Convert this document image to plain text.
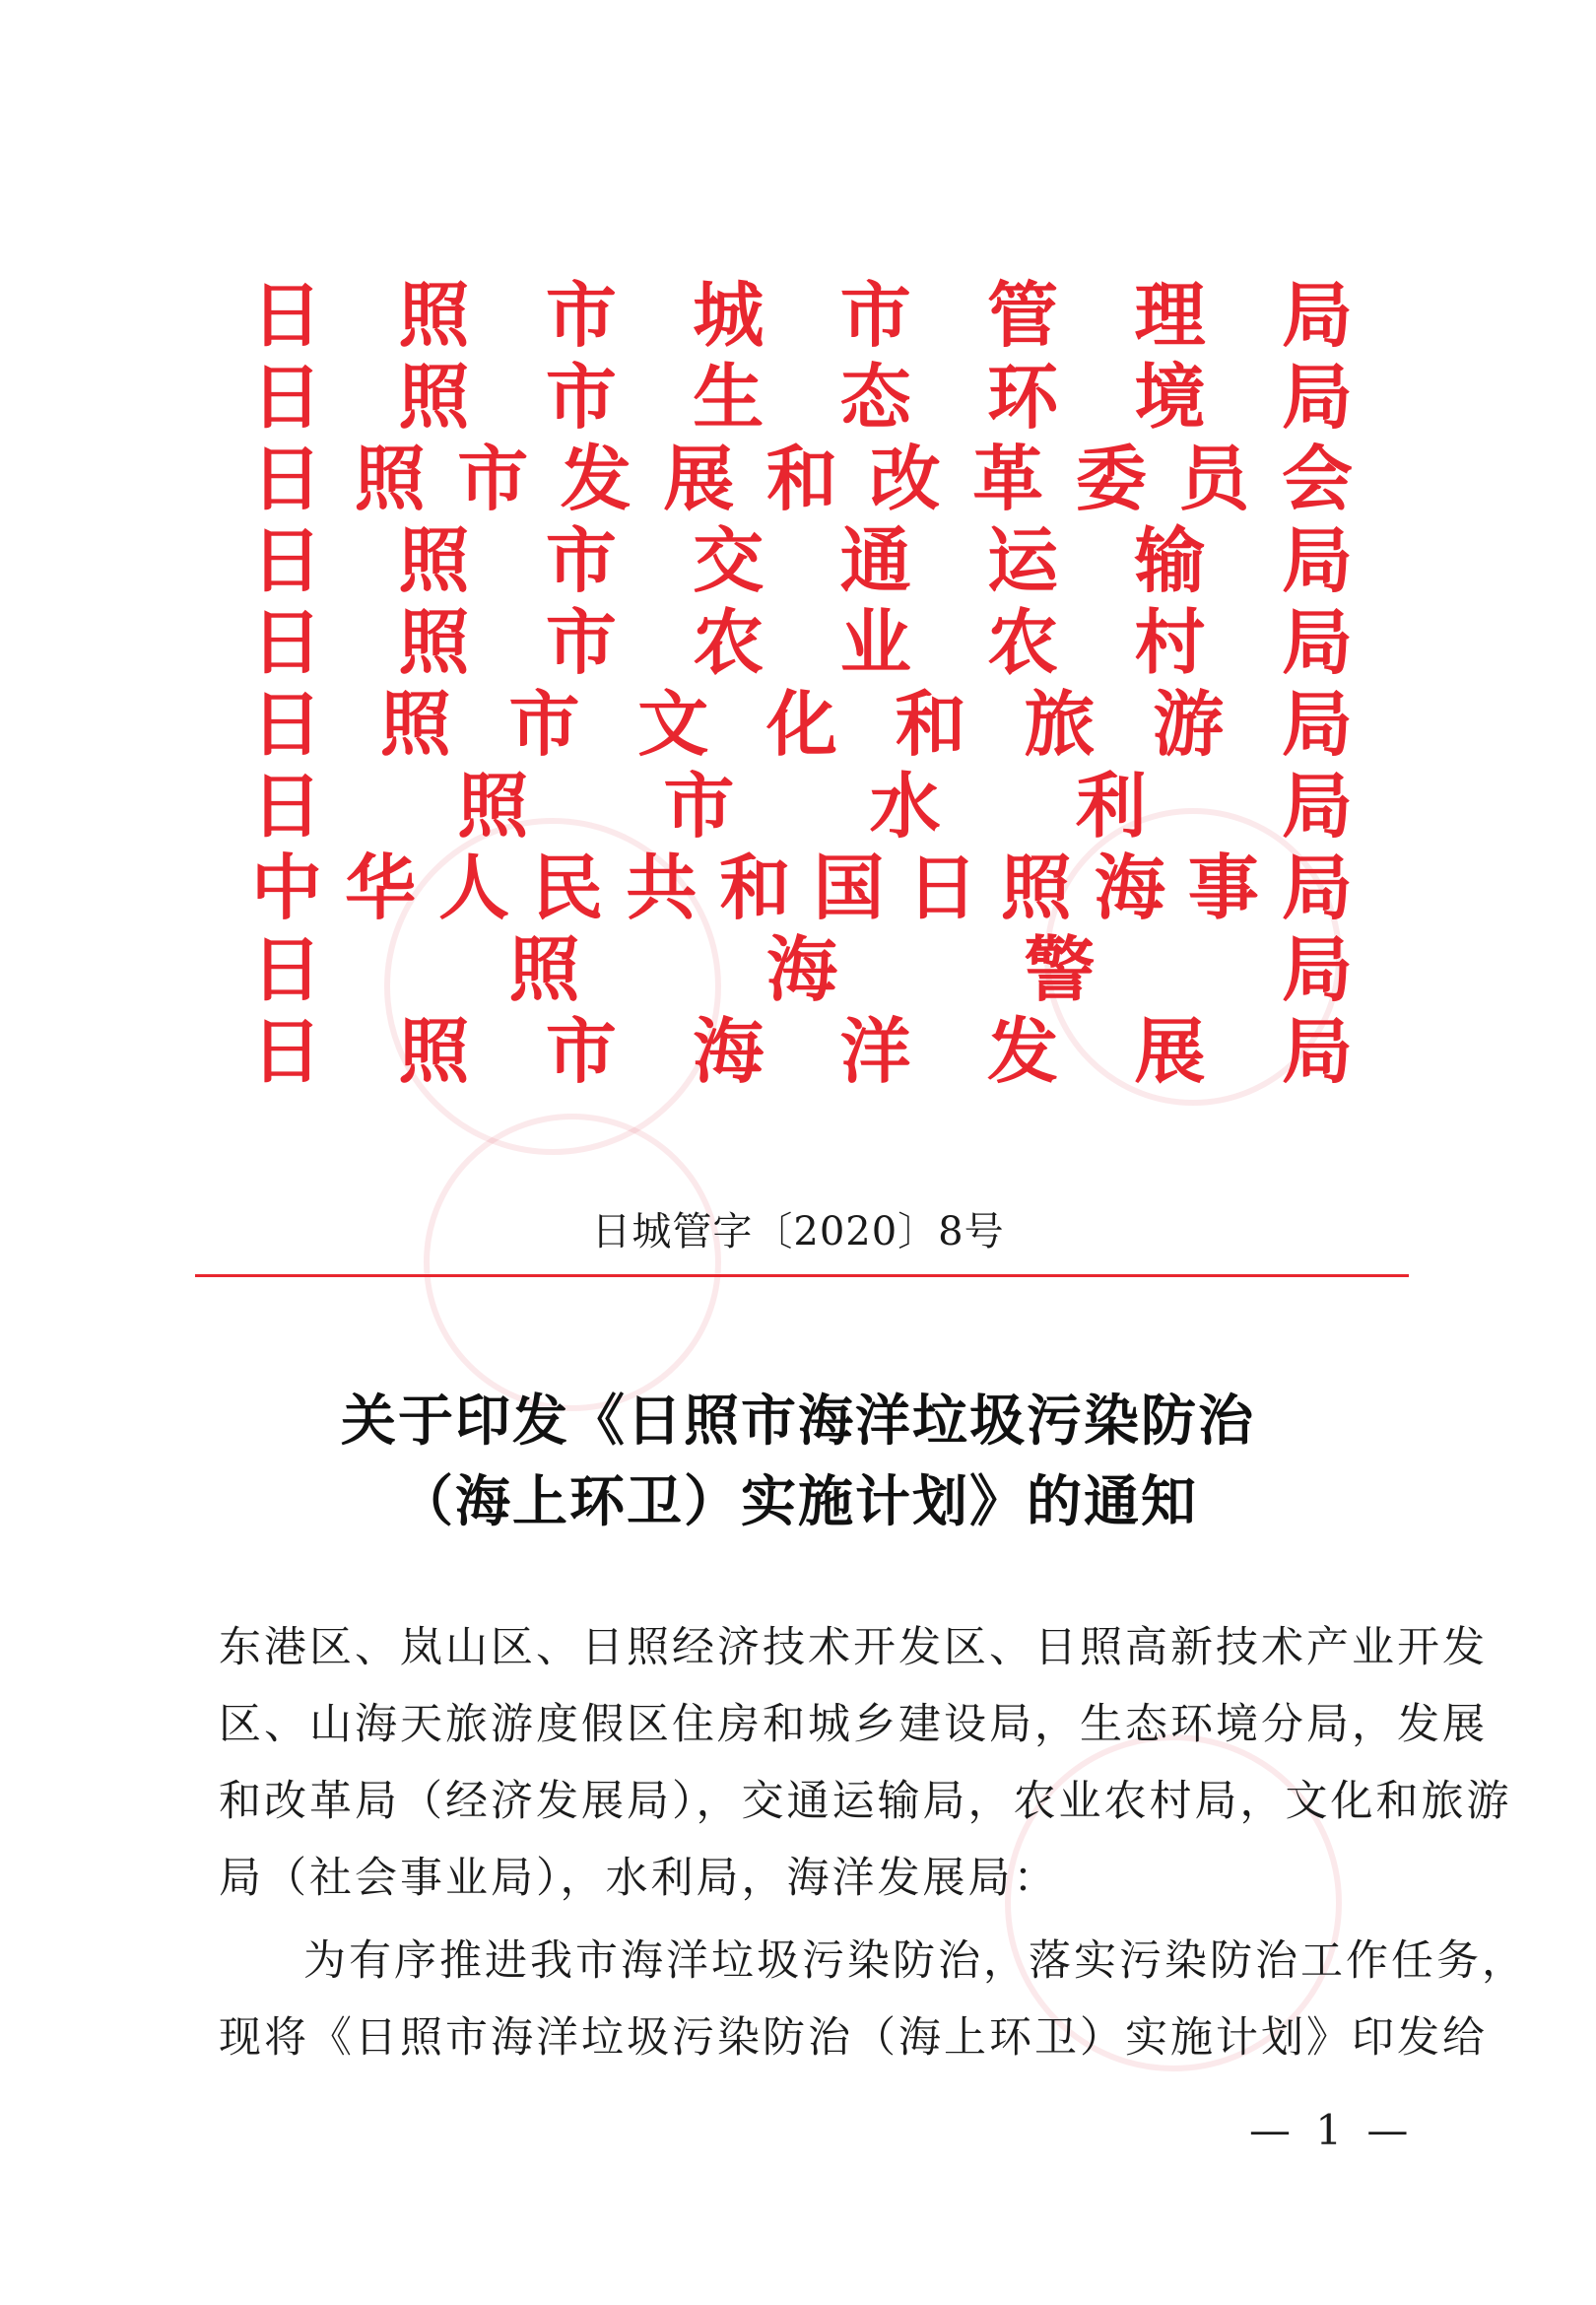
日 照 市 城 市 管 理 局
日 照 市 生 态 环 境 局
日 照 市 发 展 和 改 革 委 员 会
日 照 市 交 通 运 输 局
日 照 市 农 业 农 村 局
日 照 市 文 化 和 旅 游 局
日 照 市 水 利 局
中 华 人 民 共 和 国 日 照 海 事 局
日	照	海	警	局
日 照 市 海 洋 发 展 局
日城管字〔2020〕8号
关于印发《日照市海洋垃圾污染防治
（海上环卫）实施计划》的通知
东港区、岚山区、日照经济技术开发区、日照高新技术产业开发
区、山海天旅游度假区住房和城乡建设局，生态环境分局，发展
和改革局（经济发展局），交通运输局，农业农村局，文化和旅游
局（社会事业局），水利局，海洋发展局：
为有序推进我市海洋垃圾污染防治，落实污染防治工作任务，
现将《日照市海洋垃圾污染防治（海上环卫）实施计划》印发给
— 1 —
